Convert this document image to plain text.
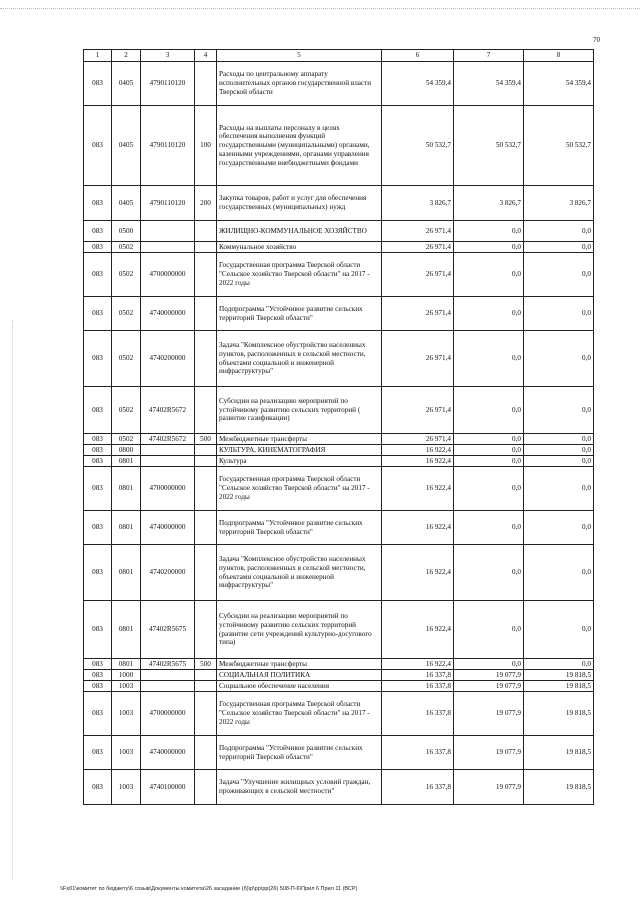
70
1	2	3	4	5	6	7	8
083	0405	4790110120		Расходы по центральному аппарату исполнительных органов государственной власти Тверской области	54 359,4	54 359,4	54 359,4
083	0405	4790110120	100	Расходы на выплаты персоналу в целях обеспечения выполнения функций государственными (муниципальными) органами, казенными учреждениями, органами управления государственными внебюджетными фондами	50 532,7	50 532,7	50 532,7
083	0405	4790110120	200	Закупка товаров, работ и услуг для обеспечения государственных (муниципальных) нужд	3 826,7	3 826,7	3 826,7
083	0500			ЖИЛИЩНО-КОММУНАЛЬНОЕ ХОЗЯЙСТВО	26 971,4	0,0	0,0
083	0502			Коммунальное хозяйство	26 971,4	0,0	0,0
083	0502	4700000000		Государственная программа Тверской области "Сельское хозяйство Тверской области" на 2017 - 2022 годы	26 971,4	0,0	0,0
083	0502	4740000000		Подпрограмма "Устойчивое развитие сельских территорий Тверской области"	26 971,4	0,0	0,0
083	0502	4740200000		Задача "Комплексное обустройство населенных пунктов, расположенных в сельской местности, объектами социальной и инженерной инфраструктуры"	26 971,4	0,0	0,0
083	0502	47402R5672		Субсидии на реализацию мероприятий по устойчивому развитию сельских территорий ( развитие газификации)	26 971,4	0,0	0,0
083	0502	47402R5672	500	Межбюджетные трансферты	26 971,4	0,0	0,0
083	0800			КУЛЬТУРА, КИНЕМАТОГРАФИЯ	16 922,4	0,0	0,0
083	0801			Культура	16 922,4	0,0	0,0
083	0801	4700000000		Государственная программа Тверской области "Сельское хозяйство Тверской области" на 2017 - 2022 годы	16 922,4	0,0	0,0
083	0801	4740000000		Подпрограмма "Устойчивое развитие сельских территорий Тверской области"	16 922,4	0,0	0,0
083	0801	4740200000		Задача "Комплексное обустройство населенных пунктов, расположенных в сельской местности, объектами социальной и инженерной инфраструктуры"	16 922,4	0,0	0,0
083	0801	47402R5675		Субсидии на реализацию мероприятий по устойчивому развитию сельских территорий (развитие сети учреждений культурно-досугового типа)	16 922,4	0,0	0,0
083	0801	47402R5675	500	Межбюджетные трансферты	16 922,4	0,0	0,0
083	1000			СОЦИАЛЬНАЯ ПОЛИТИКА	16 337,8	19 077,9	19 818,5
083	1003			Социальное обеспечение населения	16 337,8	19 077,9	19 818,5
083	1003	4700000000		Государственная программа Тверской области "Сельское хозяйство Тверской области" на 2017 - 2022 годы	16 337,8	19 077,9	19 818,5
083	1003	4740000000		Подпрограмма "Устойчивое развитие сельских территорий Тверской области"	16 337,8	19 077,9	19 818,5
083	1003	4740100000		Задача "Улучшение жилищных условий граждан, проживающих в сельской местности"	16 337,8	19 077,9	19 818,5
\\Fs01\комитет по бюджету\6 созыв\Документы комитета\26 заседание (б)\р\рр\рр(26) 508-П-6\Прил 6 Прил 11 (ВСР)
